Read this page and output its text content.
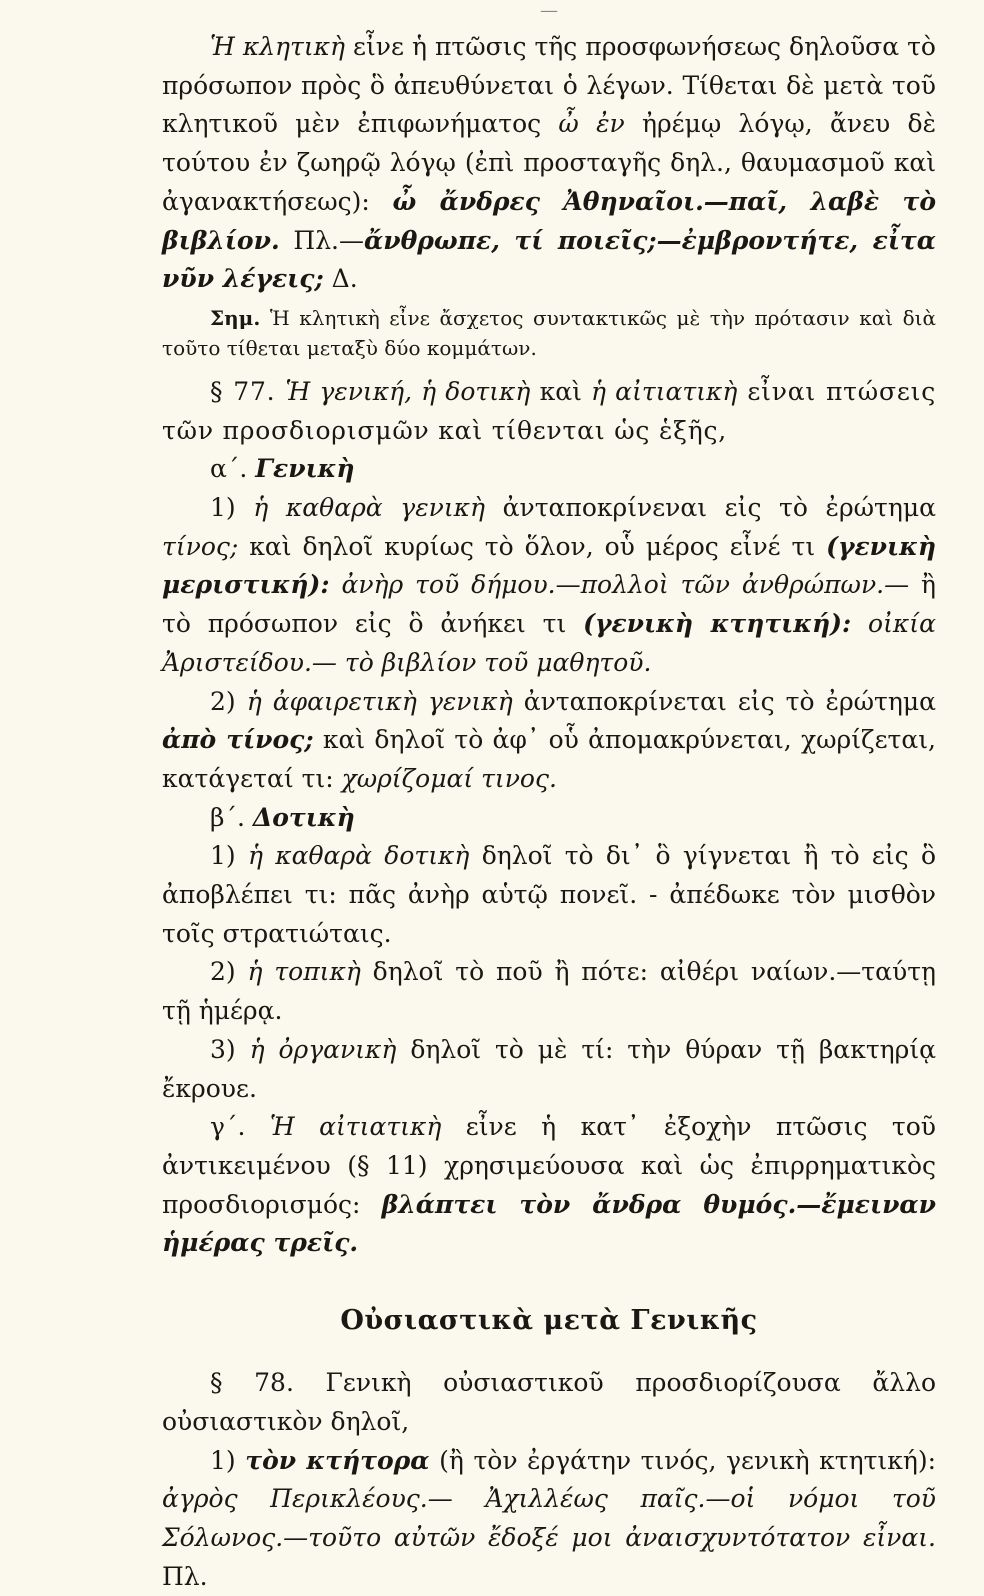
—

Ἡ κλητικὴ εἶνε ἡ πτῶσις τῆς προσφωνήσεως δηλοῦσα τὸ πρόσωπον πρὸς ὃ ἀπευθύνεται ὁ λέγων. Τίθεται δὲ μετὰ τοῦ κλητικοῦ μὲν ἐπιφωνήματος ὦ ἐν ἠρέμῳ λόγῳ, ἄνευ δὲ τούτου ἐν ζωηρῷ λόγῳ (ἐπὶ προσταγῆς δηλ., θαυμασμοῦ καὶ ἀγανακτήσεως): ὦ ἄνδρες Ἀθηναῖοι.—παῖ, λαβὲ τὸ βιβλίον. Πλ.—ἄνθρωπε, τί ποιεῖς;—ἐμβροντήτε, εἶτα νῦν λέγεις; Δ.

Σημ. Ἡ κλητικὴ εἶνε ἄσχετος συντακτικῶς μὲ τὴν πρότασιν καὶ διὰ τοῦτο τίθεται μεταξὺ δύο κομμάτων.

§ 77. Ἡ γενική, ἡ δοτικὴ καὶ ἡ αἰτιατικὴ εἶναι πτώσεις τῶν προσδιορισμῶν καὶ τίθενται ὡς ἑξῆς,

α΄. Γενικὴ

1) ἡ καθαρὰ γενικὴ ἀνταποκρίνεναι εἰς τὸ ἐρώτημα τίνος; καὶ δηλοῖ κυρίως τὸ ὅλον, οὗ μέρος εἶνέ τι (γενικὴ μεριστική): ἀνὴρ τοῦ δήμου.—πολλοὶ τῶν ἀνθρώπων.— ἢ τὸ πρόσωπον εἰς ὃ ἀνήκει τι (γενικὴ κτητική): οἰκία Ἀριστείδου.— τὸ βιβλίον τοῦ μαθητοῦ.

2) ἡ ἀφαιρετικὴ γενικὴ ἀνταποκρίνεται εἰς τὸ ἐρώτημα ἀπὸ τίνος; καὶ δηλοῖ τὸ ἀφ᾽ οὗ ἀπομακρύνεται, χωρίζεται, κατάγεταί τι: χωρίζομαί τινος.

β΄. Δοτικὴ

1) ἡ καθαρὰ δοτικὴ δηλοῖ τὸ δι᾽ ὃ γίγνεται ἢ τὸ εἰς ὃ ἀποβλέπει τι: πᾶς ἀνὴρ αὑτῷ πονεῖ. - ἀπέδωκε τὸν μισθὸν τοῖς στρατιώταις.

2) ἡ τοπικὴ δηλοῖ τὸ ποῦ ἢ πότε: αἰθέρι ναίων.—ταύτῃ τῇ ἡμέρᾳ.

3) ἡ ὀργανικὴ δηλοῖ τὸ μὲ τί: τὴν θύραν τῇ βακτηρίᾳ ἔκρουε.

γ΄. Ἡ αἰτιατικὴ εἶνε ἡ κατ᾽ ἐξοχὴν πτῶσις τοῦ ἀντικειμένου (§ 11) χρησιμεύουσα καὶ ὡς ἐπιρρηματικὸς προσδιορισμός: βλάπτει τὸν ἄνδρα θυμός.—ἔμειναν ἡμέρας τρεῖς.

Οὐσιαστικὰ μετὰ Γενικῆς

§ 78. Γενικὴ οὐσιαστικοῦ προσδιορίζουσα ἄλλο οὐσιαστικὸν δηλοῖ,

1) τὸν κτήτορα (ἢ τὸν ἐργάτην τινός, γενικὴ κτητική): ἀγρὸς Περικλέους.— Ἀχιλλέως παῖς.—οἱ νόμοι τοῦ Σόλωνος.—τοῦτο αὐτῶν ἔδοξέ μοι ἀναισχυντότατον εἶναι. Πλ.
